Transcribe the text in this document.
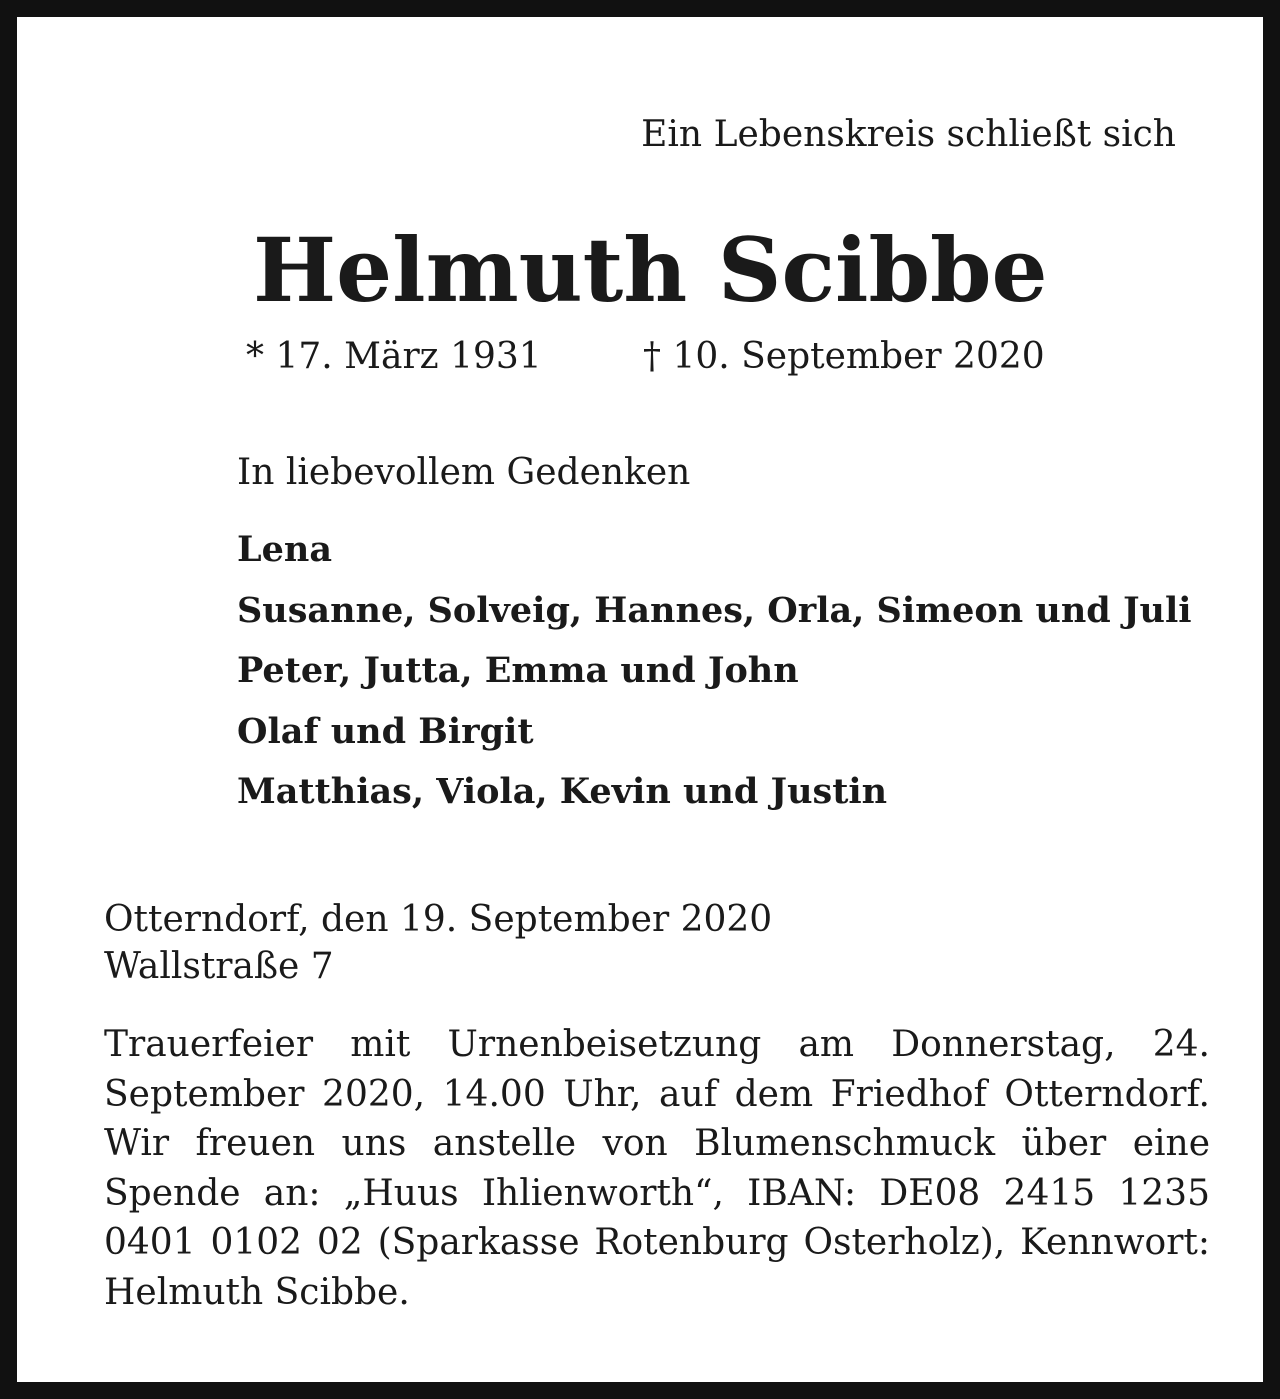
Ein Lebenskreis schließt sich

Helmuth Scibbe

* 17. März 1931	† 10. September 2020

In liebevollem Gedenken

Lena
Susanne, Solveig, Hannes, Orla, Simeon und Juli
Peter, Jutta, Emma und John
Olaf und Birgit
Matthias, Viola, Kevin und Justin

Otterndorf, den 19. September 2020

Wallstraße 7

Trauerfeier mit Urnenbeisetzung am Donnerstag, 24. September 2020, 14.00 Uhr, auf dem Friedhof Otterndorf. Wir freuen uns anstelle von Blumenschmuck über eine Spende an: „Huus Ihlienworth“, IBAN: DE08 2415 1235 0401 0102 02 (Sparkasse Rotenburg Osterholz), Kennwort: Helmuth Scibbe.
